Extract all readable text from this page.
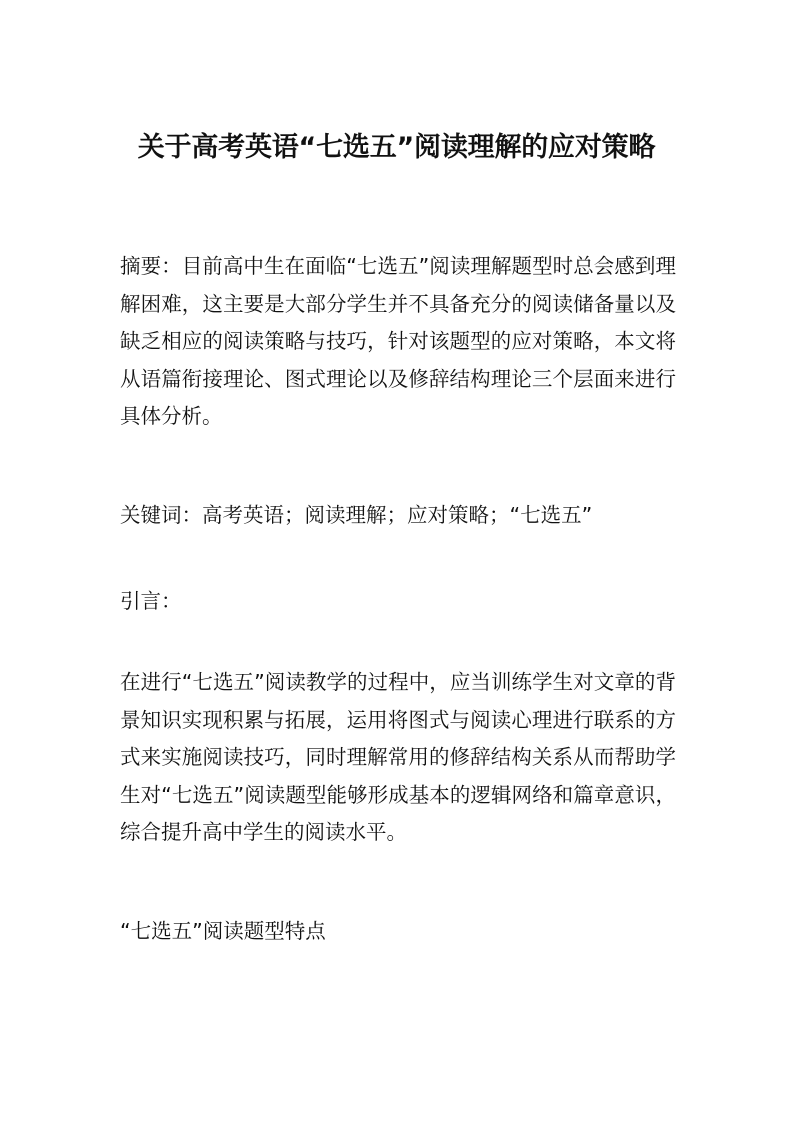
关于高考英语“七选五”阅读理解的应对策略

摘要：目前高中生在面临“七选五”阅读理解题型时总会感到理解困难，这主要是大部分学生并不具备充分的阅读储备量以及缺乏相应的阅读策略与技巧，针对该题型的应对策略，本文将从语篇衔接理论、图式理论以及修辞结构理论三个层面来进行具体分析。

关键词：高考英语；阅读理解；应对策略；“七选五”

引言：

在进行“七选五”阅读教学的过程中，应当训练学生对文章的背景知识实现积累与拓展，运用将图式与阅读心理进行联系的方式来实施阅读技巧，同时理解常用的修辞结构关系从而帮助学生对“七选五”阅读题型能够形成基本的逻辑网络和篇章意识，综合提升高中学生的阅读水平。

“七选五”阅读题型特点
